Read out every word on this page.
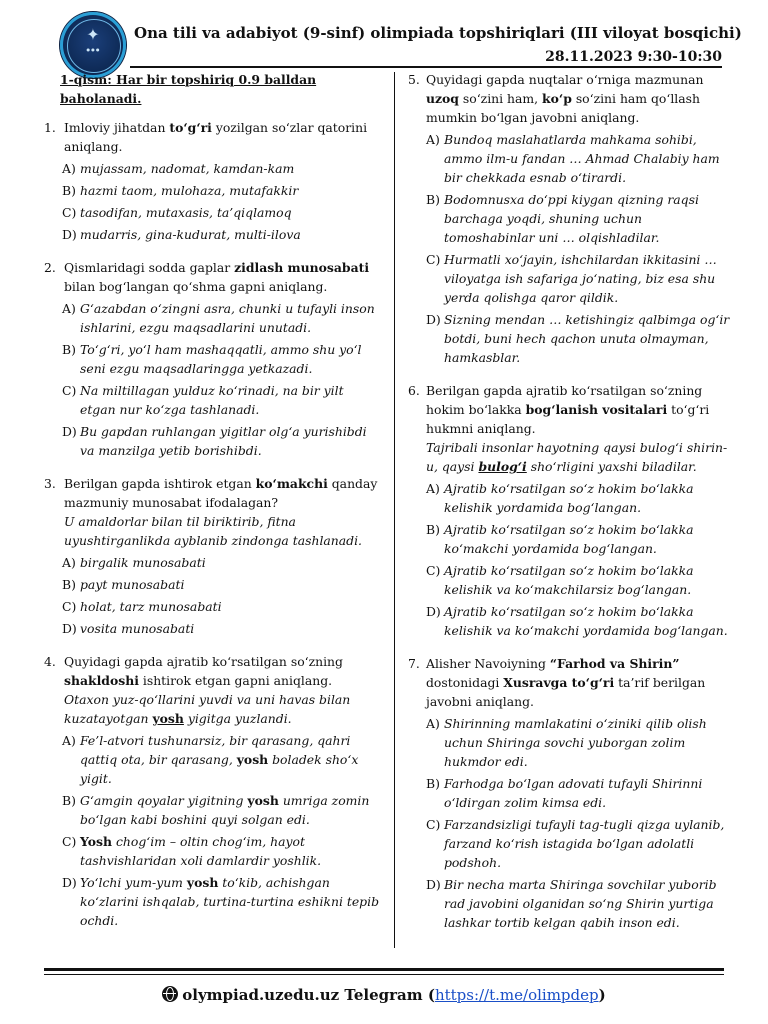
✦
● ● ●
Ona tili va adabiyot (9-sinf) olimpiada topshiriqlari (III viloyat bosqichi)
28.11.2023 9:30-10:30
1-qism: Har bir topshiriq 0.9 balldan baholanadi.
1. Imloviy jihatdan to‘g‘ri yozilgan so‘zlar qatorini aniqlang.
A) mujassam, nadomat, kamdan-kam
B) hazmi taom, mulohaza, mutafakkir
C) tasodifan, mutaxasis, ta’qiqlamoq
D) mudarris, gina-kudurat, multi-ilova
2. Qismlaridagi sodda gaplar zidlash munosabati bilan bog‘langan qo‘shma gapni aniqlang.
A) G‘azabdan o‘zingni asra, chunki u tufayli inson ishlarini, ezgu maqsadlarini unutadi.
B) To‘g‘ri, yo‘l ham mashaqqatli, ammo shu yo‘l seni ezgu maqsadlaringga yetkazadi.
C) Na miltillagan yulduz ko‘rinadi, na bir yilt etgan nur ko‘zga tashlanadi.
D) Bu gapdan ruhlangan yigitlar olg‘a yurishibdi va manzilga yetib borishibdi.
3. Berilgan gapda ishtirok etgan ko‘makchi qanday mazmuniy munosabat ifodalagan?
U amaldorlar bilan til biriktirib, fitna uyushtirganlikda ayblanib zindonga tashlanadi.
A) birgalik munosabati
B) payt munosabati
C) holat, tarz munosabati
D) vosita munosabati
4. Quyidagi gapda ajratib ko‘rsatilgan so‘zning shakldoshi ishtirok etgan gapni aniqlang.
Otaxon yuz-qo‘llarini yuvdi va uni havas bilan kuzatayotgan yosh yigitga yuzlandi.
A) Fe’l-atvori tushunarsiz, bir qarasang, qahri qattiq ota, bir qarasang, yosh boladek sho‘x yigit.
B) G‘amgin qoyalar yigitning yosh umriga zomin bo‘lgan kabi boshini quyi solgan edi.
C) Yosh chog‘im – oltin chog‘im, hayot tashvishlaridan xoli damlardir yoshlik.
D) Yo‘lchi yum-yum yosh to‘kib, achishgan ko‘zlarini ishqalab, turtina-turtina eshikni tepib ochdi.
5. Quyidagi gapda nuqtalar o‘rniga mazmunan uzoq so‘zini ham, ko‘p so‘zini ham qo‘llash mumkin bo‘lgan javobni aniqlang.
A) Bundoq maslahatlarda mahkama sohibi, ammo ilm-u fandan … Ahmad Chalabiy ham bir chekkada esnab o‘tirardi.
B) Bodomnusxa do‘ppi kiygan qizning raqsi barchaga yoqdi, shuning uchun tomoshabinlar uni … olqishladilar.
C) Hurmatli xo‘jayin, ishchilardan ikkitasini … viloyatga ish safariga jo‘nating, biz esa shu yerda qolishga qaror qildik.
D) Sizning mendan … ketishingiz qalbimga og‘ir botdi, buni hech qachon unuta olmayman, hamkasblar.
6. Berilgan gapda ajratib ko‘rsatilgan so‘zning hokim bo‘lakka bog‘lanish vositalari to‘g‘ri hukmni aniqlang.
Tajribali insonlar hayotning qaysi bulog‘i shirin-u, qaysi bulog‘i sho‘rligini yaxshi biladilar.
A) Ajratib ko‘rsatilgan so‘z hokim bo‘lakka kelishik yordamida bog‘langan.
B) Ajratib ko‘rsatilgan so‘z hokim bo‘lakka ko‘makchi yordamida bog‘langan.
C) Ajratib ko‘rsatilgan so‘z hokim bo‘lakka kelishik va ko‘makchilarsiz bog‘langan.
D) Ajratib ko‘rsatilgan so‘z hokim bo‘lakka kelishik va ko‘makchi yordamida bog‘langan.
7. Alisher Navoiyning “Farhod va Shirin” dostonidagi Xusravga to‘g‘ri ta’rif berilgan javobni aniqlang.
A) Shirinning mamlakatini o‘ziniki qilib olish uchun Shiringa sovchi yuborgan zolim hukmdor edi.
B) Farhodga bo‘lgan adovati tufayli Shirinni o‘ldirgan zolim kimsa edi.
C) Farzandsizligi tufayli tag-tugli qizga uylanib, farzand ko‘rish istagida bo‘lgan adolatli podshoh.
D) Bir necha marta Shiringa sovchilar yuborib rad javobini olganidan so‘ng Shirin yurtiga lashkar tortib kelgan qabih inson edi.
olympiad.uzedu.uz Telegram (https://t.me/olimpdep)
